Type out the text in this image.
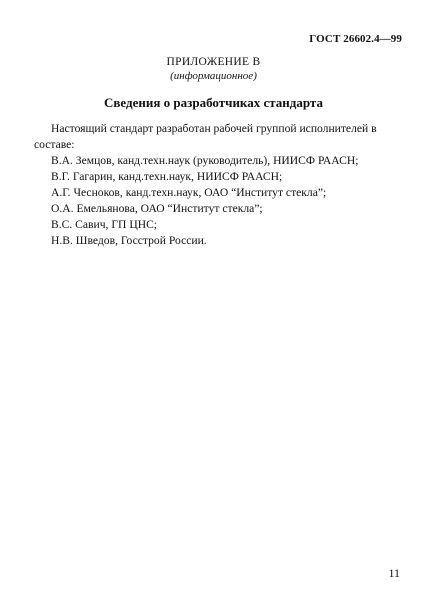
ГОСТ 26602.4—99
ПРИЛОЖЕНИЕ В
(информационное)
Сведения о разработчиках стандарта

Настоящий стандарт разработан рабочей группой исполнителей в составе:

В.А. Земцов, канд.техн.наук (руководитель), НИИСФ РААСН;
В.Г. Гагарин, канд.техн.наук, НИИСФ РААСН;
А.Г. Чесноков, канд.техн.наук, ОАО “Институт стекла”;
О.А. Емельянова, ОАО “Институт стекла”;
В.С. Савич, ГП ЦНС;
Н.В. Шведов, Госстрой России.
11
